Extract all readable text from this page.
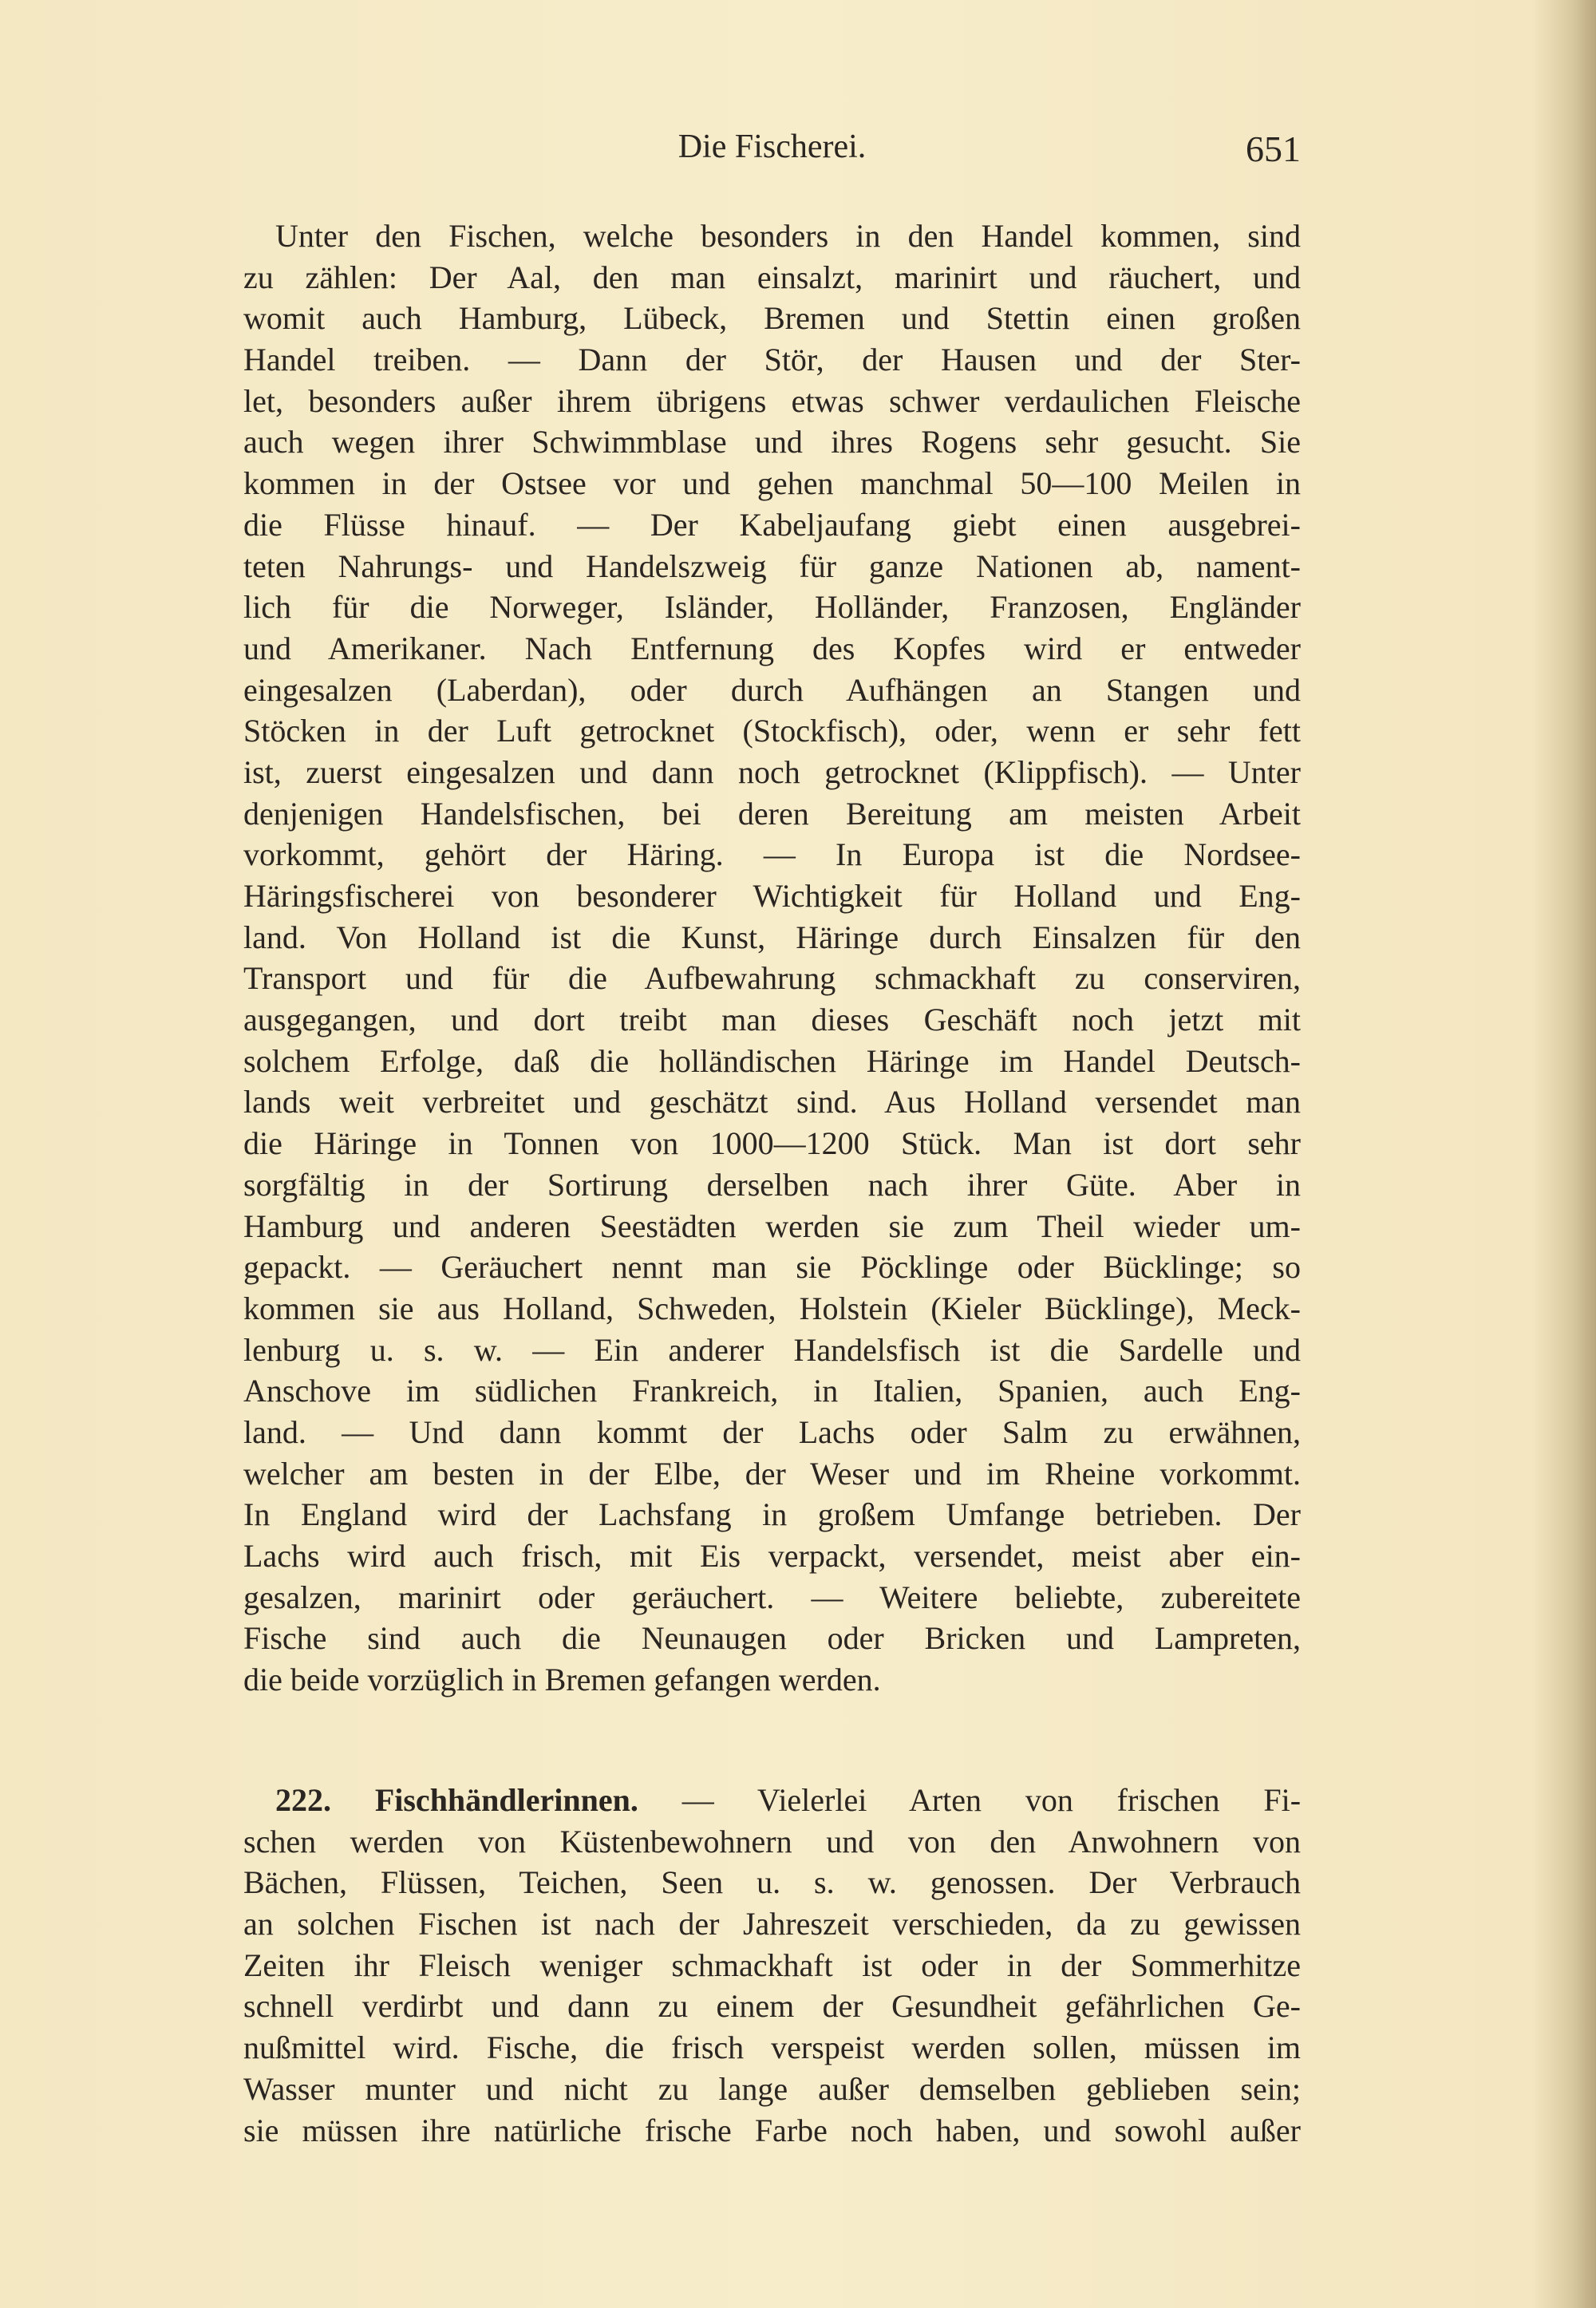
Die Fischerei.	651
Unter den Fischen, welche besonders in den Handel kommen, sind
zu zählen: Der Aal, den man einsalzt, marinirt und räuchert, und
womit auch Hamburg, Lübeck, Bremen und Stettin einen großen
Handel treiben. — Dann der Stör, der Hausen und der Ster-
let, besonders außer ihrem übrigens etwas schwer verdaulichen Fleische
auch wegen ihrer Schwimmblase und ihres Rogens sehr gesucht. Sie
kommen in der Ostsee vor und gehen manchmal 50—100 Meilen in
die Flüsse hinauf. — Der Kabeljaufang giebt einen ausgebrei-
teten Nahrungs- und Handelszweig für ganze Nationen ab, nament-
lich für die Norweger, Isländer, Holländer, Franzosen, Engländer
und Amerikaner. Nach Entfernung des Kopfes wird er entweder
eingesalzen (Laberdan), oder durch Aufhängen an Stangen und
Stöcken in der Luft getrocknet (Stockfisch), oder, wenn er sehr fett
ist, zuerst eingesalzen und dann noch getrocknet (Klippfisch). — Unter
denjenigen Handelsfischen, bei deren Bereitung am meisten Arbeit
vorkommt, gehört der Häring. — In Europa ist die Nordsee-
Häringsfischerei von besonderer Wichtigkeit für Holland und Eng-
land. Von Holland ist die Kunst, Häringe durch Einsalzen für den
Transport und für die Aufbewahrung schmackhaft zu conserviren,
ausgegangen, und dort treibt man dieses Geschäft noch jetzt mit
solchem Erfolge, daß die holländischen Häringe im Handel Deutsch-
lands weit verbreitet und geschätzt sind. Aus Holland versendet man
die Häringe in Tonnen von 1000—1200 Stück. Man ist dort sehr
sorgfältig in der Sortirung derselben nach ihrer Güte. Aber in
Hamburg und anderen Seestädten werden sie zum Theil wieder um-
gepackt. — Geräuchert nennt man sie Pöcklinge oder Bücklinge; so
kommen sie aus Holland, Schweden, Holstein (Kieler Bücklinge), Meck-
lenburg u. s. w. — Ein anderer Handelsfisch ist die Sardelle und
Anschove im südlichen Frankreich, in Italien, Spanien, auch Eng-
land. — Und dann kommt der Lachs oder Salm zu erwähnen,
welcher am besten in der Elbe, der Weser und im Rheine vorkommt.
In England wird der Lachsfang in großem Umfange betrieben. Der
Lachs wird auch frisch, mit Eis verpackt, versendet, meist aber ein-
gesalzen, marinirt oder geräuchert. — Weitere beliebte, zubereitete
Fische sind auch die Neunaugen oder Bricken und Lampreten,
die beide vorzüglich in Bremen gefangen werden.
222. Fischhändlerinnen. — Vielerlei Arten von frischen Fi-
schen werden von Küstenbewohnern und von den Anwohnern von
Bächen, Flüssen, Teichen, Seen u. s. w. genossen. Der Verbrauch
an solchen Fischen ist nach der Jahreszeit verschieden, da zu gewissen
Zeiten ihr Fleisch weniger schmackhaft ist oder in der Sommerhitze
schnell verdirbt und dann zu einem der Gesundheit gefährlichen Ge-
nußmittel wird. Fische, die frisch verspeist werden sollen, müssen im
Wasser munter und nicht zu lange außer demselben geblieben sein;
sie müssen ihre natürliche frische Farbe noch haben, und sowohl außer
